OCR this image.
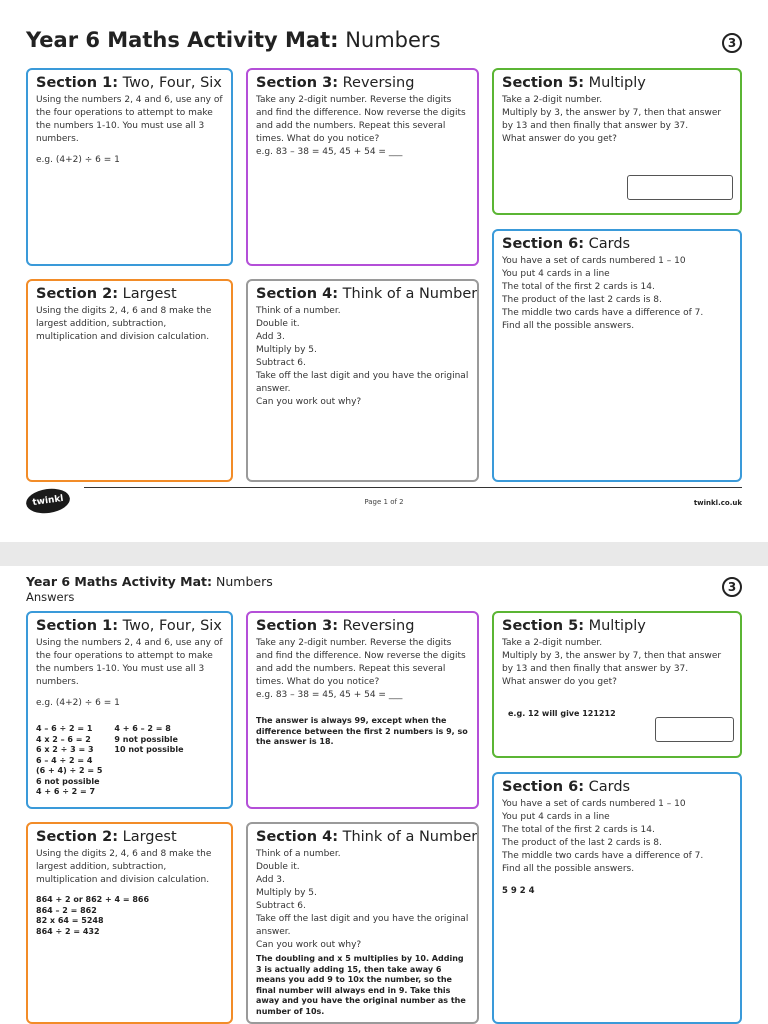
Year 6 Maths Activity Mat: Numbers	3
Section 1: Two, Four, Six
Using the numbers 2, 4 and 6, use any of the four operations to attempt to make the numbers 1-10. You must use all 3 numbers.
e.g. (4+2) ÷ 6 = 1
Section 2: Largest
Using the digits 2, 4, 6 and 8 make the largest addition, subtraction, multiplication and division calculation.
Section 3: Reversing
Take any 2-digit number. Reverse the digits and find the difference. Now reverse the digits and add the numbers. Repeat this several times. What do you notice?
e.g. 83 – 38 = 45, 45 + 54 = ___
Section 4: Think of a Number

Think of a number.

Double it.

Add 3.

Multiply by 5.

Subtract 6.

Take off the last digit and you have the original answer.

Can you work out why?

Section 5: Multiply

Take a 2-digit number.

Multiply by 3, the answer by 7, then that answer by 13 and then finally that answer by 37.

What answer do you get?

Section 6: Cards

You have a set of cards numbered 1 – 10

You put 4 cards in a line

The total of the first 2 cards is 14.

The product of the last 2 cards is 8.

The middle two cards have a difference of 7.

Find all the possible answers.

twinkl	Page 1 of 2	twinkl.co.uk
Year 6 Maths Activity Mat: Numbers
Answers
3
Section 1: Two, Four, Six
Using the numbers 2, 4 and 6, use any of the four operations to attempt to make the numbers 1-10. You must use all 3 numbers.
e.g. (4+2) ÷ 6 = 1
4 – 6 ÷ 2 = 1
4 x 2 – 6 = 2
6 x 2 ÷ 3 = 3
6 – 4 ÷ 2 = 4
(6 + 4) ÷ 2 = 5
6 not possible
4 + 6 ÷ 2 = 7
4 + 6 – 2 = 8
9 not possible
10 not possible
Section 2: Largest
Using the digits 2, 4, 6 and 8 make the largest addition, subtraction, multiplication and division calculation.
864 + 2 or 862 + 4 = 866
864 – 2 = 862
82 x 64 = 5248
864 ÷ 2 = 432
Section 3: Reversing
Take any 2-digit number. Reverse the digits and find the difference. Now reverse the digits and add the numbers. Repeat this several times. What do you notice?
e.g. 83 – 38 = 45, 45 + 54 = ___
The answer is always 99, except when the difference between the first 2 numbers is 9, so the answer is 18.
Section 4: Think of a Number

Think of a number.

Double it.

Add 3.

Multiply by 5.

Subtract 6.

Take off the last digit and you have the original answer.

Can you work out why?

The doubling and x 5 multiplies by 10. Adding 3 is actually adding 15, then take away 6 means you add 9 to 10x the number, so the final number will always end in 9. Take this away and you have the original number as the number of 10s.
Section 5: Multiply

Take a 2-digit number.

Multiply by 3, the answer by 7, then that answer by 13 and then finally that answer by 37.

What answer do you get?

e.g. 12 will give 121212
Section 6: Cards

You have a set of cards numbered 1 – 10

You put 4 cards in a line

The total of the first 2 cards is 14.

The product of the last 2 cards is 8.

The middle two cards have a difference of 7.

Find all the possible answers.

5 9 2 4
